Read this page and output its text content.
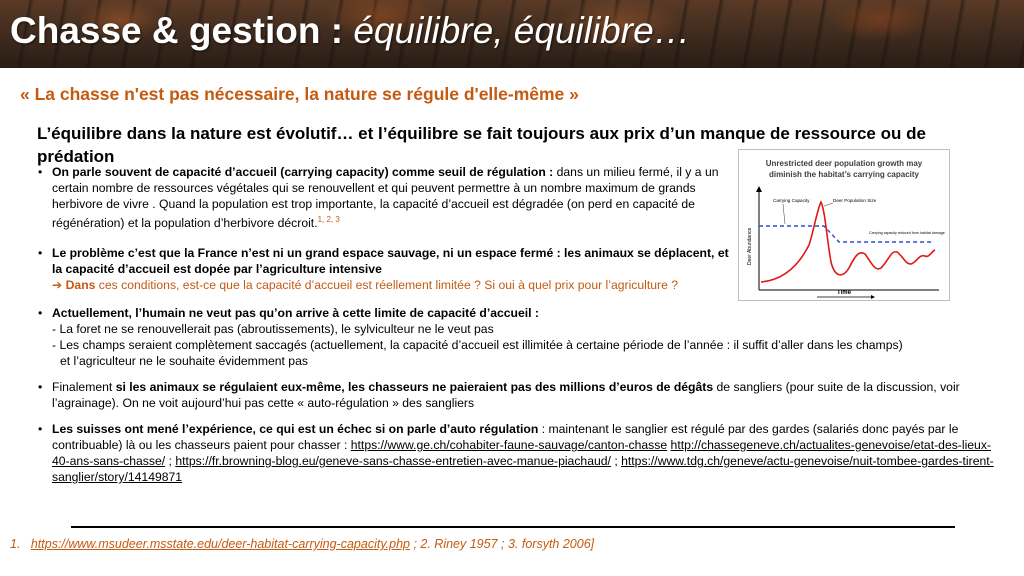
Chasse & gestion : équilibre, équilibre…
« La chasse n'est pas nécessaire, la nature se régule d'elle-même »
L’équilibre dans la nature est évolutif… et l’équilibre se fait toujours aux prix d’un manque de ressource ou de prédation
• On parle souvent de capacité d’accueil (carrying capacity) comme seuil de régulation : dans un milieu fermé, il y a un certain nombre de ressources végétales qui se renouvellent et qui peuvent permettre à un nombre maximum de grands herbivore de vivre . Quand la population est trop importante, la capacité d’accueil est dégradée (on perd en capacité de régénération) et la population d’herbivore décroit.$^{1, 2, 3}$
• Le problème c’est que la France n’est ni un grand espace sauvage, ni un espace fermé : les animaux se déplacent, et la capacité d’accueil est dopée par l’agriculture intensive
➔ Dans ces conditions, est-ce que la capacité d’accueil est réellement limitée ? Si oui à quel prix pour l’agriculture ?
• Actuellement, l’humain ne veut pas qu’on arrive à cette limite de capacité d’accueil :
- La foret ne se renouvellerait pas (abroutissements), le sylviculteur ne le veut pas
- Les champs seraient complètement saccagés (actuellement, la capacité d’accueil est illimitée à certaine période de l’année : il suffit d’aller dans les champs)
et l’agriculteur ne le souhaite évidemment pas
• Finalement si les animaux se régulaient eux-même, les chasseurs ne paieraient pas des millions d’euros de dégâts de sangliers (pour suite de la discussion, voir l’agrainage). On ne voit aujourd’hui pas cette « auto-régulation » des sangliers
• Les suisses ont mené l’expérience, ce qui est un échec si on parle d’auto régulation : maintenant le sanglier est régulé par des gardes (salariés donc payés par le contribuable) là ou les chasseurs paient pour chasser : https://www.ge.ch/cohabiter-faune-sauvage/canton-chasse http://chassegeneve.ch/actualites-genevoise/etat-des-lieux-40-ans-sans-chasse/ ; https://fr.browning-blog.eu/geneve-sans-chasse-entretien-avec-manue-piachaud/ ; https://www.tdg.ch/geneve/actu-genevoise/nuit-tombee-gardes-tirent-sanglier/story/14149871
Unrestricted deer population growth may
diminish the habitat’s carrying capacity
Deer Abundance
Time
Carrying Capacity	Deer Population Size
Carrying capacity reduced from habitat damage
1. https://www.msudeer.msstate.edu/deer-habitat-carrying-capacity.php ; 2. Riney 1957 ; 3. forsyth 2006]
